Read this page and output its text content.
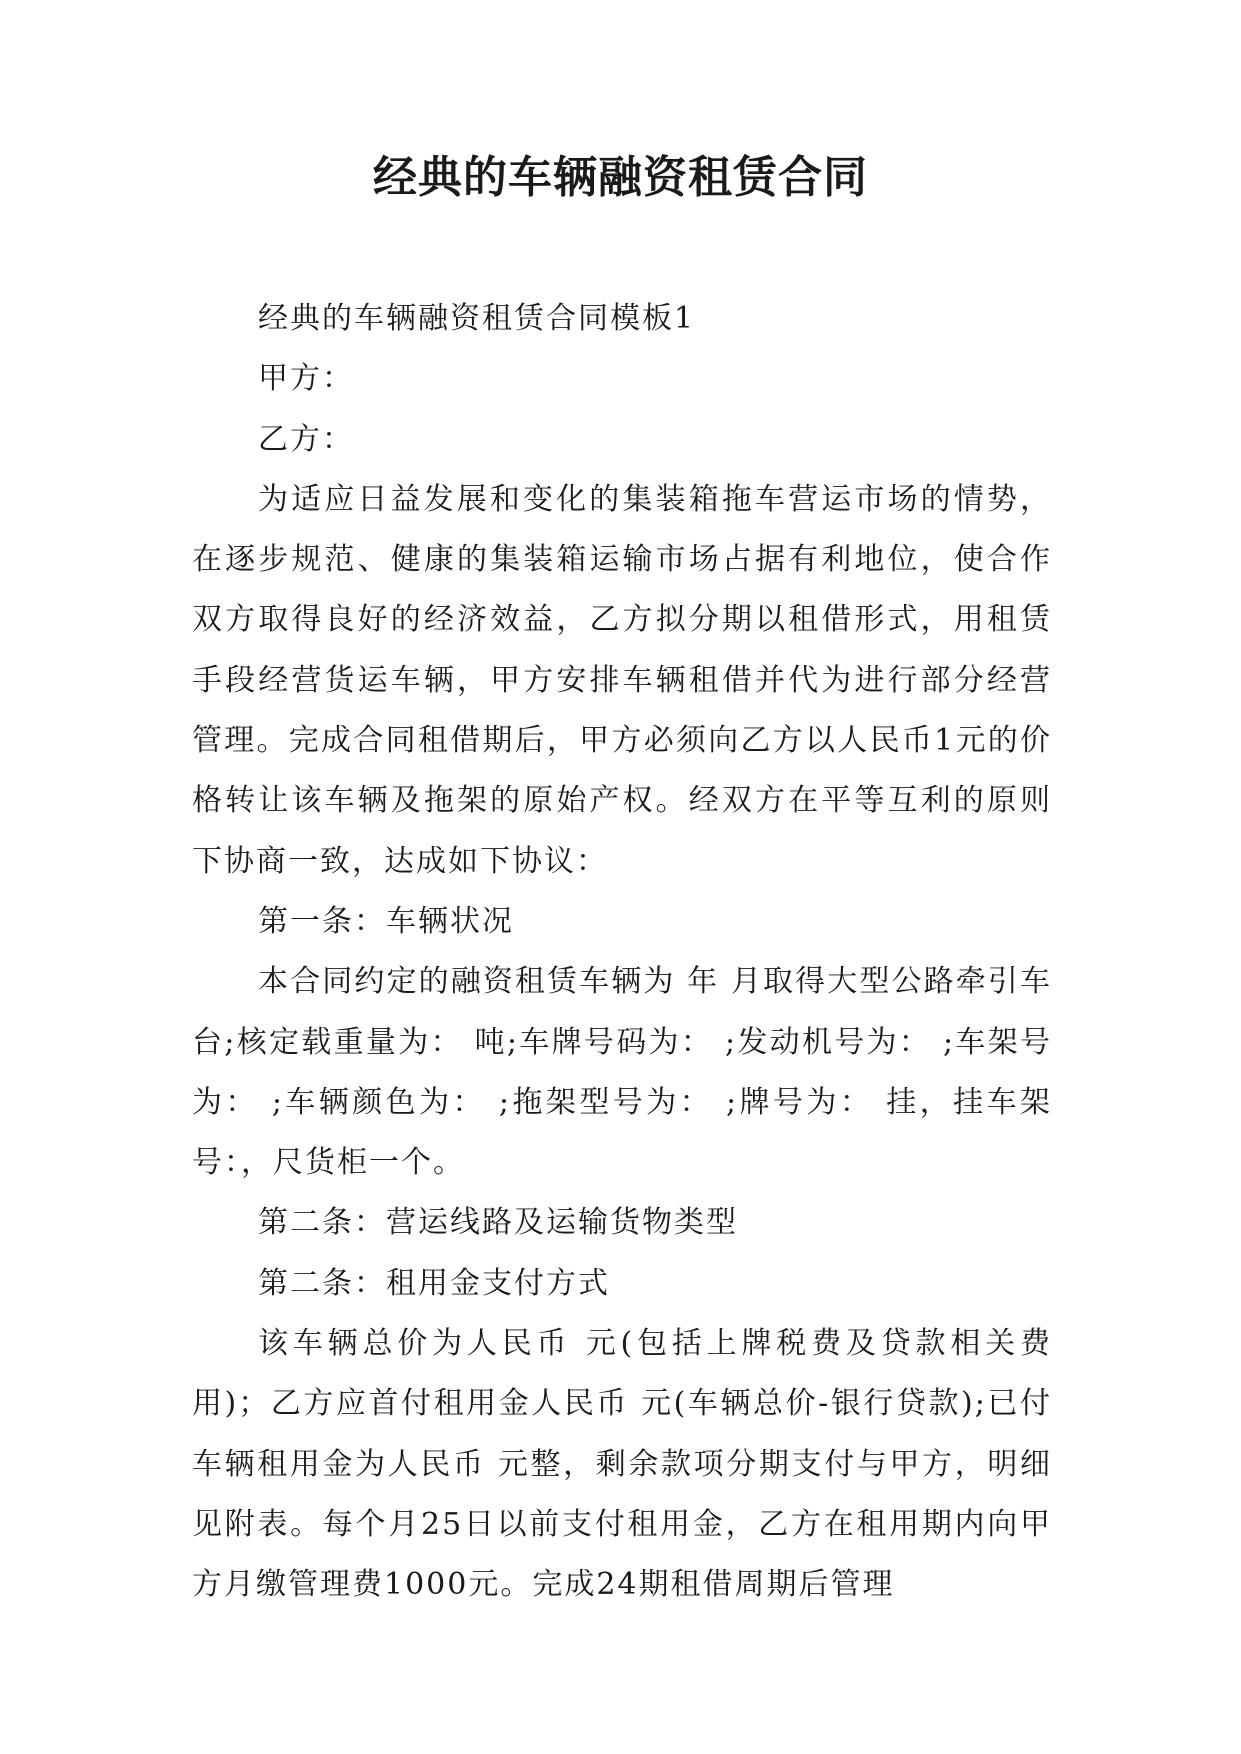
经典的车辆融资租赁合同

经典的车辆融资租赁合同模板1

甲方：

乙方：

为适应日益发展和变化的集装箱拖车营运市场的情势，在逐步规范、健康的集装箱运输市场占据有利地位，使合作双方取得良好的经济效益，乙方拟分期以租借形式，用租赁手段经营货运车辆，甲方安排车辆租借并代为进行部分经营管理。完成合同租借期后，甲方必须向乙方以人民币1元的价格转让该车辆及拖架的原始产权。经双方在平等互利的原则下协商一致，达成如下协议：

第一条：车辆状况

本合同约定的融资租赁车辆为 年 月取得大型公路牵引车 台;核定载重量为： 吨;车牌号码为： ;发动机号为： ;车架号为： ;车辆颜色为： ;拖架型号为： ;牌号为： 挂，挂车架号：，尺货柜一个。

第二条：营运线路及运输货物类型

第二条：租用金支付方式

该车辆总价为人民币 元(包括上牌税费及贷款相关费用)；乙方应首付租用金人民币 元(车辆总价-银行贷款);已付车辆租用金为人民币 元整，剩余款项分期支付与甲方，明细见附表。每个月25日以前支付租用金，乙方在租用期内向甲方月缴管理费1000元。完成24期租借周期后管理
